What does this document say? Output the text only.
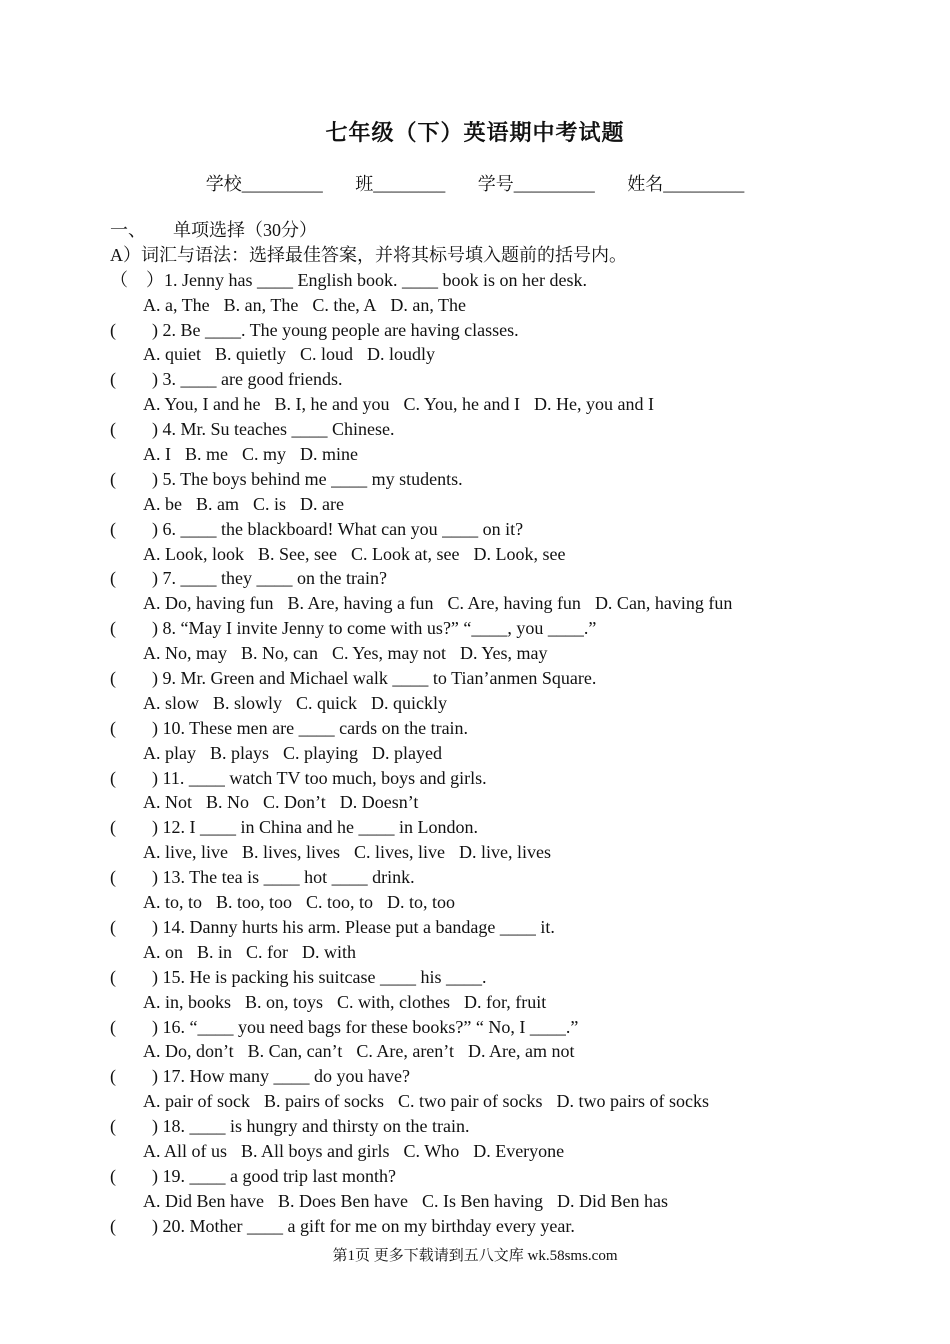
七年级（下）英语期中考试题
学校_________ 班________ 学号_________ 姓名_________
一、　　单项选择（30分）
A）词汇与语法：选择最佳答案，并将其标号填入题前的括号内。
（　）1. Jenny has ____ English book. ____ book is on her desk.
A. a, The B. an, The C. the, A D. an, The
(　　) 2. Be ____. The young people are having classes.
A. quiet B. quietly C. loud D. loudly
(　　) 3. ____ are good friends.
A. You, I and he B. I, he and you C. You, he and I D. He, you and I
(　　) 4. Mr. Su teaches ____ Chinese.
A. I B. me C. my D. mine
(　　) 5. The boys behind me ____ my students.
A. be B. am C. is D. are
(　　) 6. ____ the blackboard! What can you ____ on it?
A. Look, look B. See, see C. Look at, see D. Look, see
(　　) 7. ____ they ____ on the train?
A. Do, having fun B. Are, having a fun C. Are, having fun D. Can, having fun
(　　) 8. “May I invite Jenny to come with us?” “____, you ____.”
A. No, may B. No, can C. Yes, may not D. Yes, may
(　　) 9. Mr. Green and Michael walk ____ to Tian’anmen Square.
A. slow B. slowly C. quick D. quickly
(　　) 10. These men are ____ cards on the train.
A. play B. plays C. playing D. played
(　　) 11. ____ watch TV too much, boys and girls.
A. Not B. No C. Don’t D. Doesn’t
(　　) 12. I ____ in China and he ____ in London.
A. live, live B. lives, lives C. lives, live D. live, lives
(　　) 13. The tea is ____ hot ____ drink.
A. to, to B. too, too C. too, to D. to, too
(　　) 14. Danny hurts his arm. Please put a bandage ____ it.
A. on B. in C. for D. with
(　　) 15. He is packing his suitcase ____ his ____.
A. in, books B. on, toys C. with, clothes D. for, fruit
(　　) 16. “____ you need bags for these books?” “ No, I ____.”
A. Do, don’t B. Can, can’t C. Are, aren’t D. Are, am not
(　　) 17. How many ____ do you have?
A. pair of sock B. pairs of socks C. two pair of socks D. two pairs of socks
(　　) 18. ____ is hungry and thirsty on the train.
A. All of us B. All boys and girls C. Who D. Everyone
(　　) 19. ____ a good trip last month?
A. Did Ben have B. Does Ben have C. Is Ben having D. Did Ben has
(　　) 20. Mother ____ a gift for me on my birthday every year.
第1页 更多下载请到五八文库 wk.58sms.com
